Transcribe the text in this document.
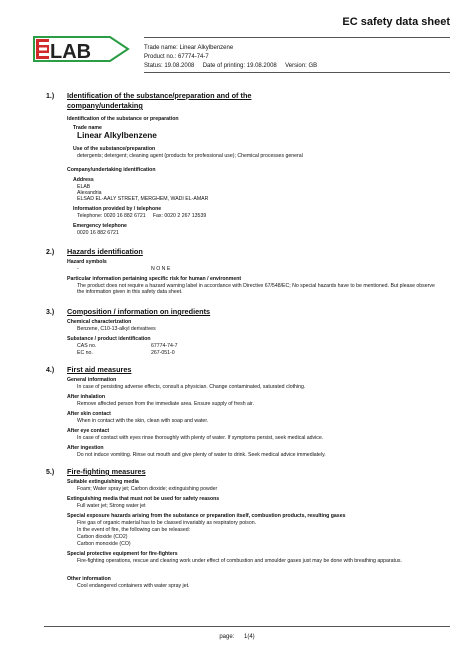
LAB
EC safety data sheet
Trade name: Linear Alkylbenzene
Product no.: 67774-74-7
Status: 19.08.2008     Date of printing: 19.08.2008     Version: GB
1.) Identification of the substance/preparation and of the company/undertaking
Identification of the substance or preparation
Trade name
Linear Alkylbenzene
Use of the substance/preparation
detergents; detergent; cleaning agent (products for professional use); Chemical processes general
Company/undertaking identification
Address
ELAB
Alexandria
ELSAD EL-AALY STREET, MERGHEM, WADI EL-AMAR
Information provided by / telephone
Telephone: 0020 16 882 6721     Fax: 0020 2 267 13539
Emergency telephone
0020 16 882 6721
2.) Hazards identification
Hazard symbols
-	N O N E
Particular information pertaining specific risk for human / environment
The product does not require a hazard warning label in accordance with Directive 67/548/EC; No special hazards have to be mentioned. But please observe the information given in this safety data sheet.
3.) Composition / information on ingredients
Chemical characterization
Benzene, C10-13-alkyl derivatives
Substance / product identification
CAS no.	67774-74-7
EC no.	267-051-0
4.) First aid measures
General information
In case of persisting adverse effects, consult a physician. Change contaminated, saturated clothing.
After inhalation
Remove affected person from the immediate area. Ensure supply of fresh air.
After skin contact
When in contact with the skin, clean with soap and water.
After eye contact
In case of contact with eyes rinse thoroughly with plenty of water. If symptoms persist, seek medical advice.
After ingestion
Do not induce vomiting. Rinse out mouth and give plenty of water to drink. Seek medical advice immediately.
5.) Fire-fighting measures
Suitable extinguishing media
Foam; Water spray jet; Carbon dioxide; extinguishing powder
Extinguishing media that must not be used for safety reasons
Full water jet; Strong water jet
Special exposure hazards arising from the substance or preparation itself, combustion products, resulting gases
Fire gas of organic material has to be classed invariably as respiratory poison.
In the event of fire, the following can be released:
Carbon dioxide (CO2)
Carbon monoxide (CO)
Special protective equipment for fire-fighters
Fire-fighting operations, rescue and clearing work under effect of combustion and smoulder gases just may be done with breathing apparatus.
Other information
Cool endangered containers with water spray jet.
page: 1(4)
